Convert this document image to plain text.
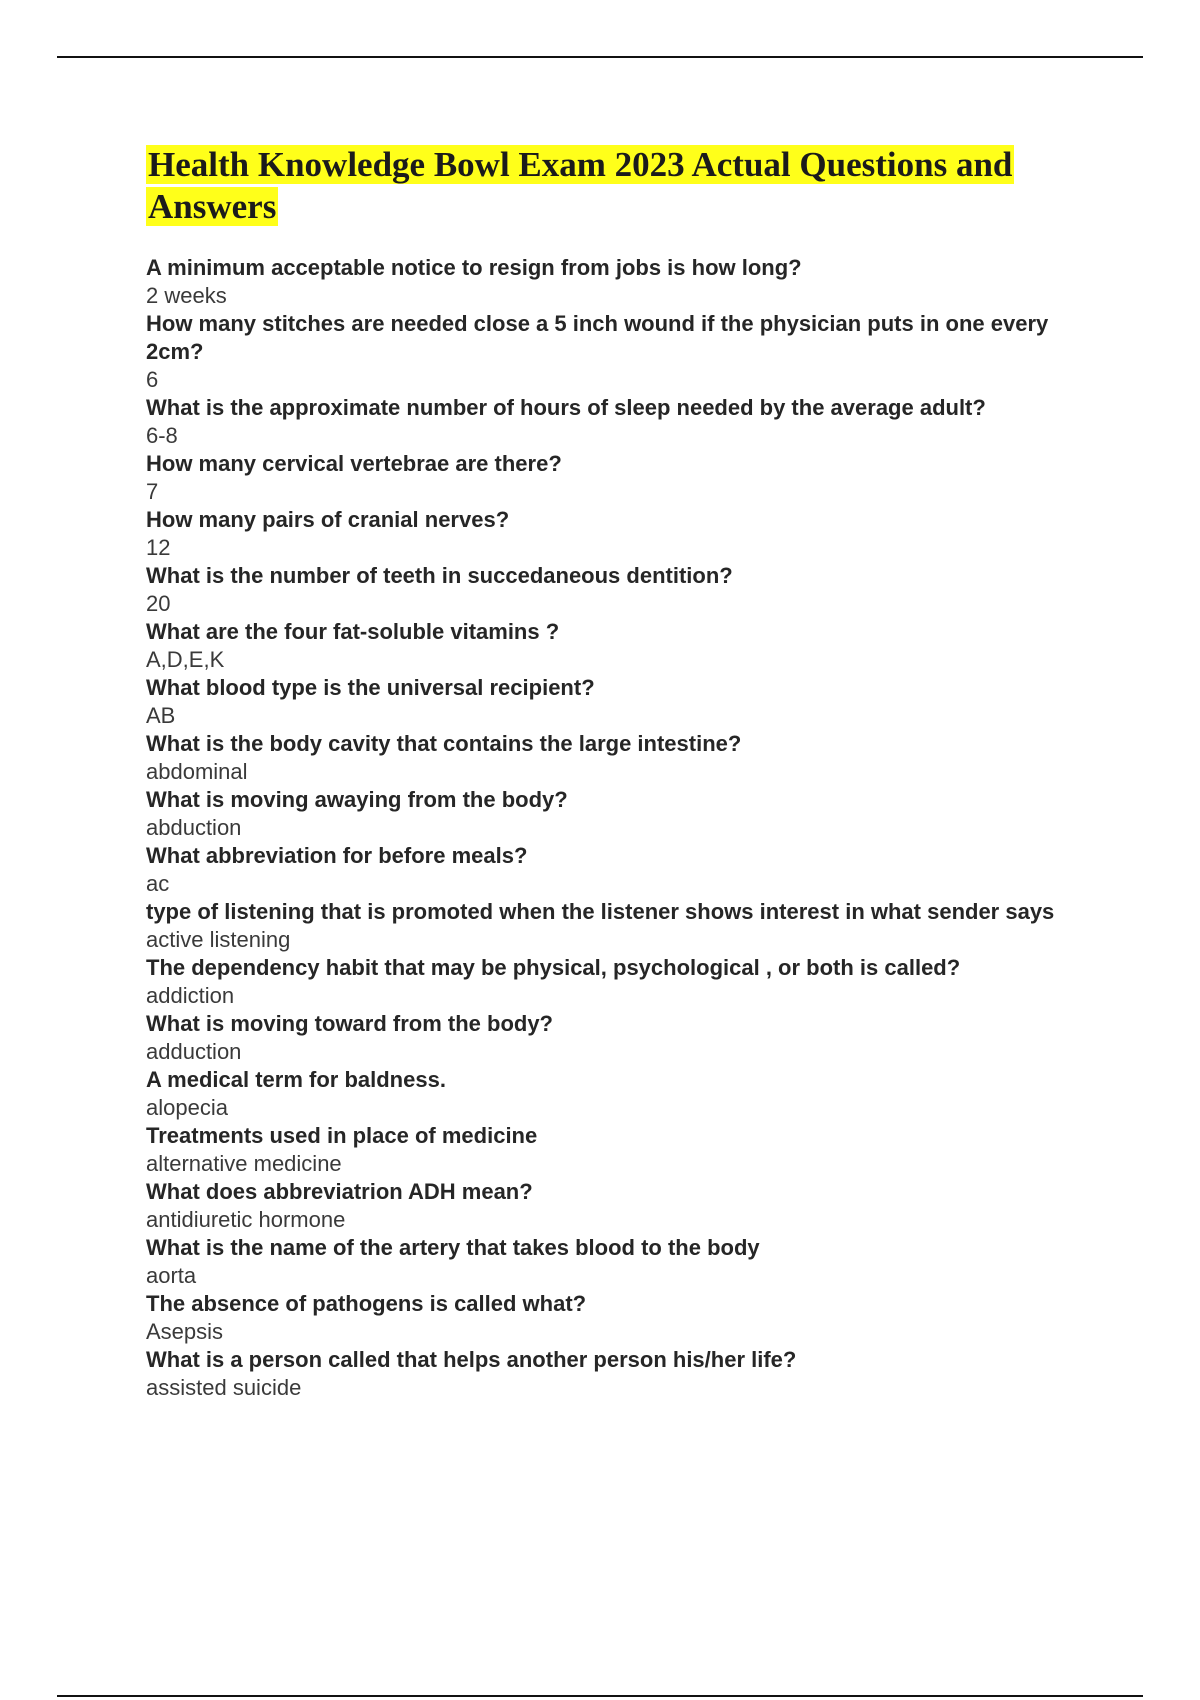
Health Knowledge Bowl Exam 2023 Actual Questions and Answers
A minimum acceptable notice to resign from jobs is how long?
2 weeks
How many stitches are needed close a 5 inch wound if the physician puts in one every 2cm?
6
What is the approximate number of hours of sleep needed by the average adult?
6-8
How many cervical vertebrae are there?
7
How many pairs of cranial nerves?
12
What is the number of teeth in succedaneous dentition?
20
What are the four fat-soluble vitamins ?
A,D,E,K
What blood type is the universal recipient?
AB
What is the body cavity that contains the large intestine?
abdominal
What is moving awaying from the body?
abduction
What abbreviation for before meals?
ac
type of listening that is promoted when the listener shows interest in what sender says
active listening
The dependency habit that may be physical, psychological , or both is called?
addiction
What is moving toward from the body?
adduction
A medical term for baldness.
alopecia
Treatments used in place of medicine
alternative medicine
What does abbreviatrion ADH mean?
antidiuretic hormone
What is the name of the artery that takes blood to the body
aorta
The absence of pathogens is called what?
Asepsis
What is a person called that helps another person his/her life?
assisted suicide
